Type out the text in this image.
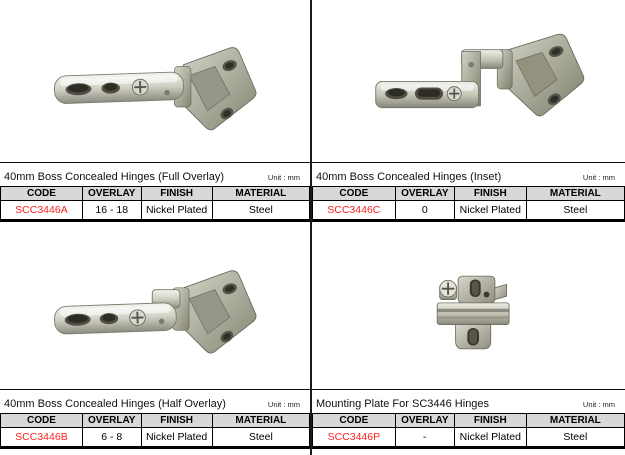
40mm Boss Concealed Hinges (Full Overlay)	Unit : mm
CODE	OVERLAY	FINISH	MATERIAL
SCC3446A	16 - 18	Nickel Plated	Steel
40mm Boss Concealed Hinges (Inset)	Unit : mm
CODE	OVERLAY	FINISH	MATERIAL
SCC3446C	0	Nickel Plated	Steel
40mm Boss Concealed Hinges (Half Overlay)	Unit : mm
CODE	OVERLAY	FINISH	MATERIAL
SCC3446B	6 - 8	Nickel Plated	Steel
Mounting Plate For SC3446 Hinges	Unit : mm
CODE	OVERLAY	FINISH	MATERIAL
SCC3446P	-	Nickel Plated	Steel
